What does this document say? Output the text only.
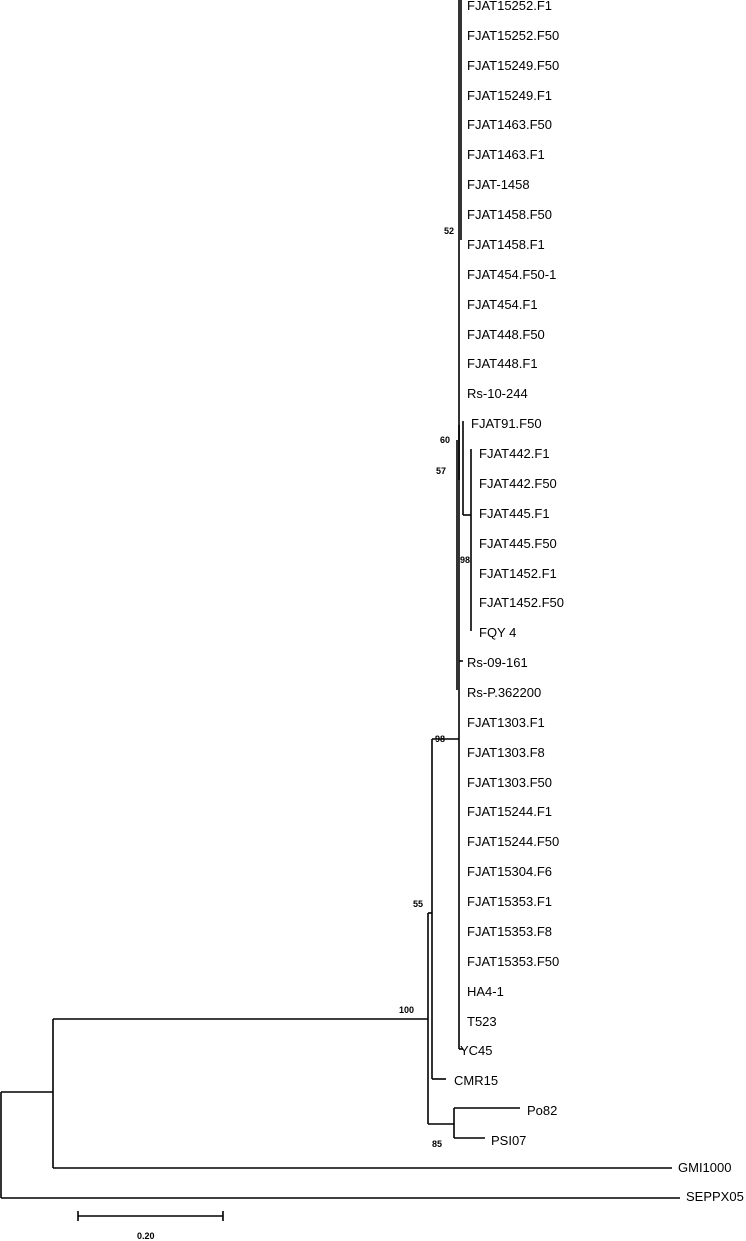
FJAT15252.F1
FJAT15252.F50
FJAT15249.F50
FJAT15249.F1
FJAT1463.F50
FJAT1463.F1
FJAT-1458
FJAT1458.F50
FJAT1458.F1
FJAT454.F50-1
FJAT454.F1
FJAT448.F50
FJAT448.F1
Rs-10-244
FJAT91.F50
FJAT442.F1
FJAT442.F50
FJAT445.F1
FJAT445.F50
FJAT1452.F1
FJAT1452.F50
FQY 4
Rs-09-161
Rs-P.362200
FJAT1303.F1
FJAT1303.F8
FJAT1303.F50
FJAT15244.F1
FJAT15244.F50
FJAT15304.F6
FJAT15353.F1
FJAT15353.F8
FJAT15353.F50
HA4-1
T523
YC45
CMR15
Po82
PSI07
GMI1000
SEPPX05
52
60
57
98
98
55
100
85
0.20
